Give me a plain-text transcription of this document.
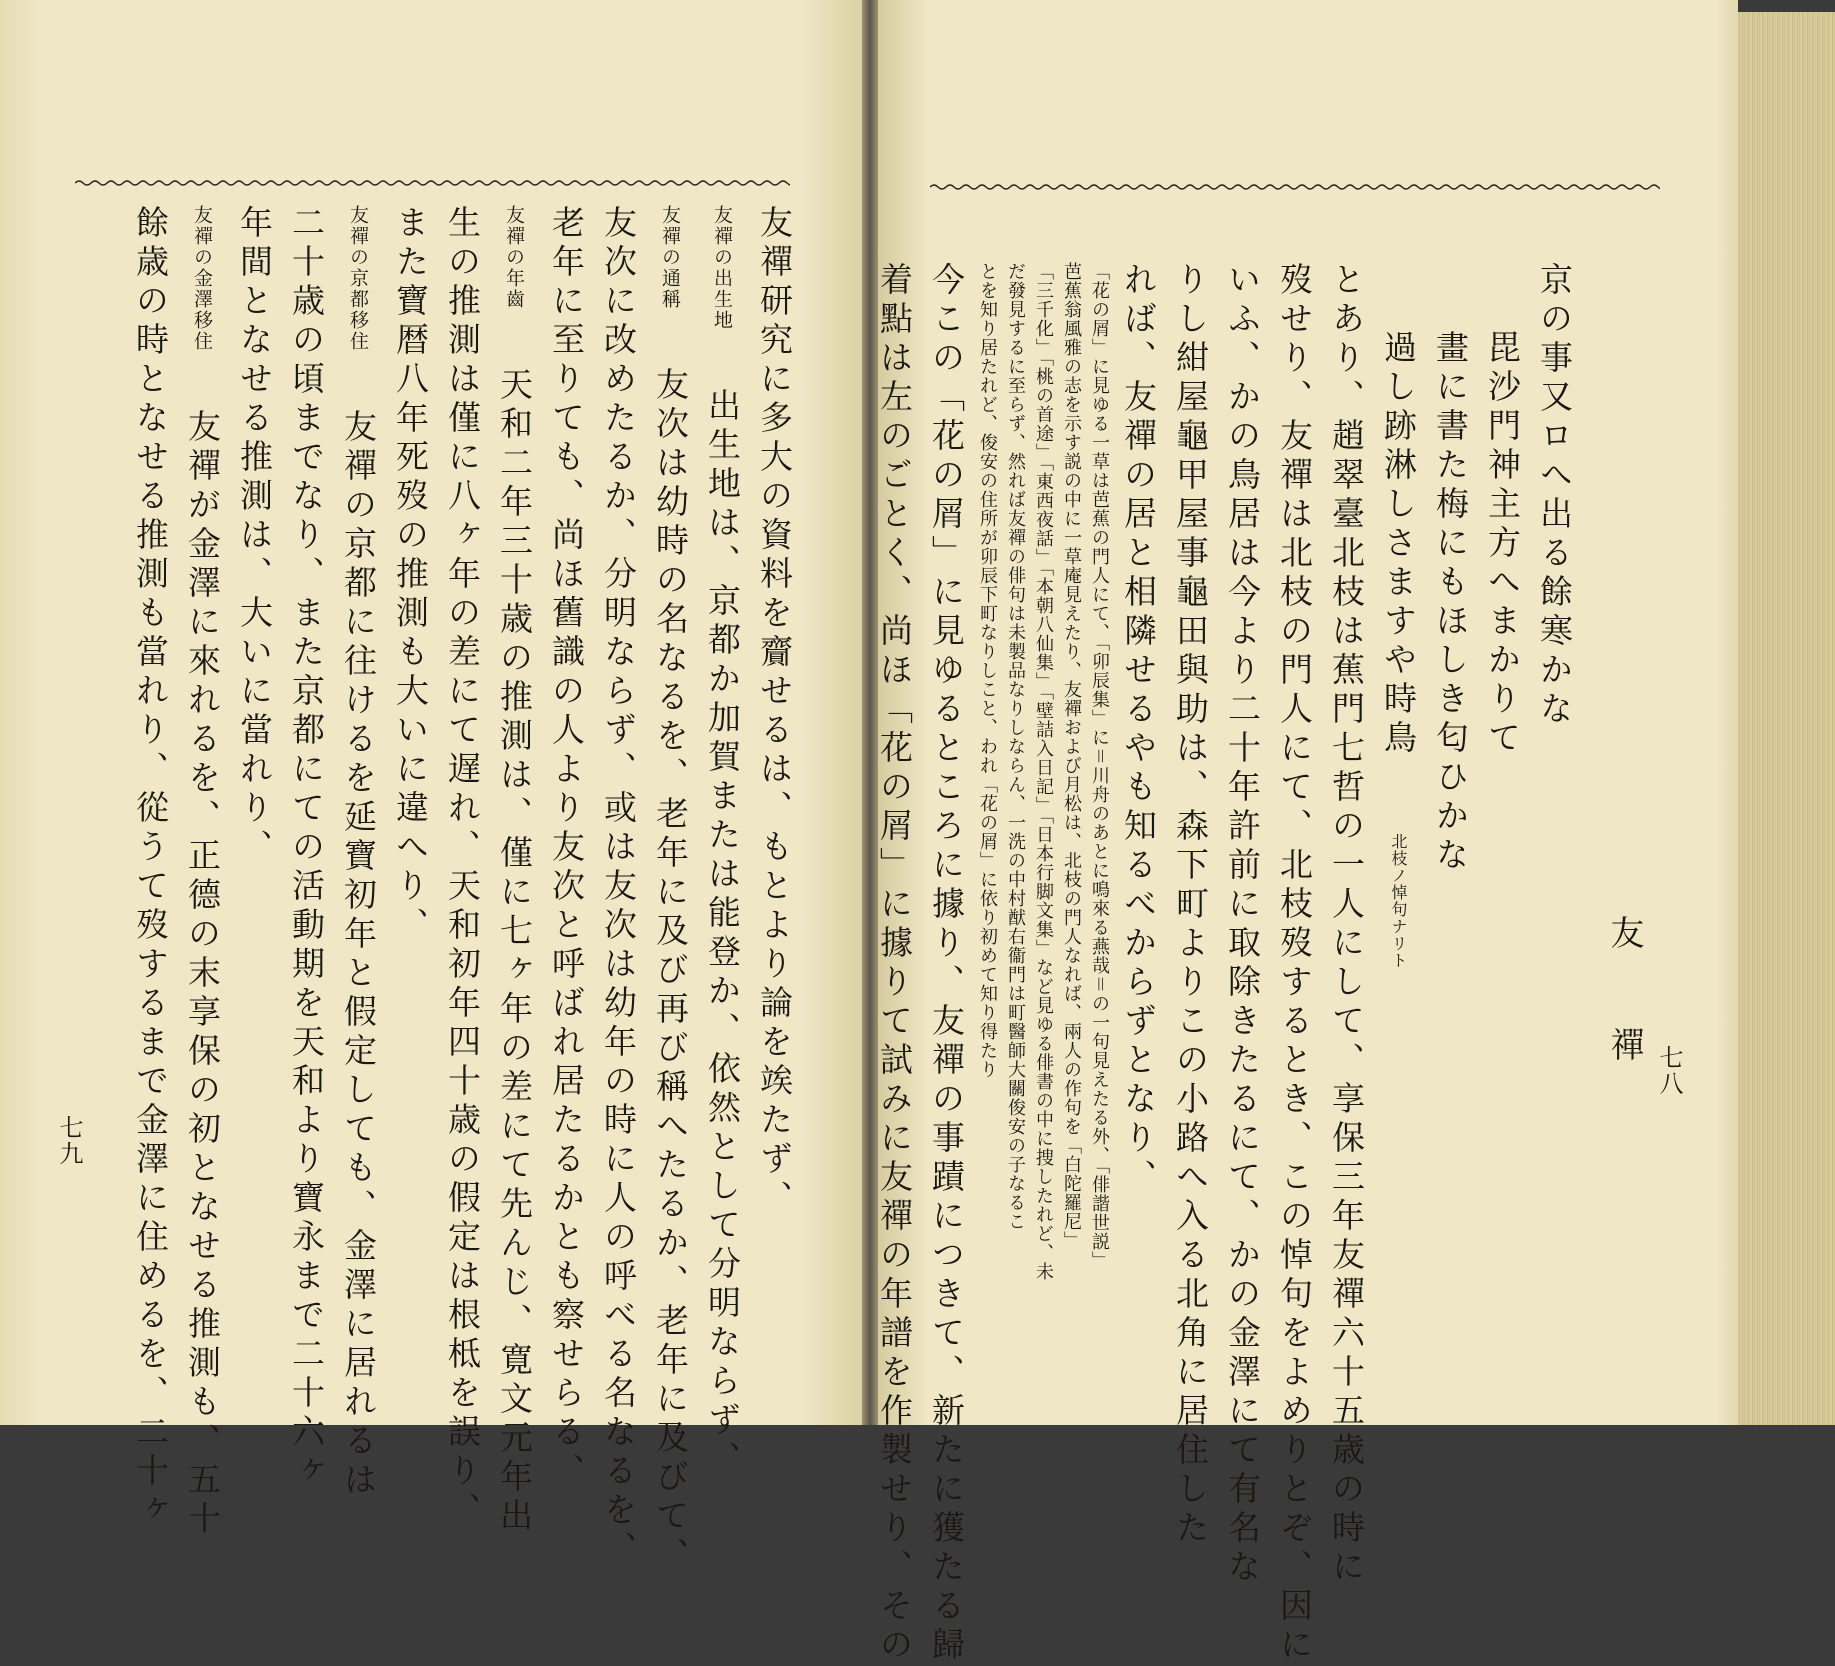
友　禪 七八
京の事又ロへ出る餘寒かな
毘沙門神主方へまかりて
畫に書た梅にもほしき匂ひかな
過し跡淋しさますや時鳥　　北枝ノ悼句ナリト
とあり、趙翠臺北枝は蕉門七哲の一人にして、享保三年友禪六十五歳の時に
歿せり、友禪は北枝の門人にて、北枝歿するとき、この悼句をよめりとぞ、因に
いふ、かの鳥居は今より二十年許前に取除きたるにて、かの金澤にて有名な
りし紺屋龜甲屋事龜田與助は、森下町よりこの小路へ入る北角に居住した
れば、友禪の居と相隣せるやも知るべからずとなり、
「花の屑」に見ゆる一草は芭蕉の門人にて、「卯辰集」に＝川舟のあとに鳴來る燕哉＝の一句見えたる外、「俳諧世説」
芭蕉翁風雅の志を示す説の中に一草庵見えたり、友禪および月松は、北枝の門人なれば、兩人の作句を「白陀羅尼」
「三千化」「桃の首途」「東西夜話」「本朝八仙集」「壁詰入日記」「日本行脚文集」など見ゆる俳書の中に捜したれど、未
だ發見するに至らず、然れば友禪の俳句は未製品なりしならん、一洗の中村猷右衞門は町醫師大關俊安の子なるこ
とを知り居たれど、俊安の住所が卯辰下町なりしこと、われ「花の屑」に依り初めて知り得たり
今この「花の屑」に見ゆるところに據り、友禪の事蹟につきて、新たに獲たる歸
着點は左のごとく、尚ほ「花の屑」に據りて試みに友禪の年譜を作製せり、その
七九	友禪研究に多大の資料を齎せるは、もとより論を竢たず、
友禪の出生地　出生地は、京都か加賀または能登か、依然として分明ならず、
友禪の通稱　友次は幼時の名なるを、老年に及び再び稱へたるか、老年に及びて、
友次に改めたるか、分明ならず、或は友次は幼年の時に人の呼べる名なるを、
老年に至りても、尚ほ舊識の人より友次と呼ばれ居たるかとも察せらる、
友禪の年齒　天和二年三十歳の推測は、僅に七ヶ年の差にて先んじ、寛文元年出
生の推測は僅に八ヶ年の差にて遅れ、天和初年四十歳の假定は根柢を誤り、
また寶暦八年死歿の推測も大いに違へり、
友禪の京都移住　友禪の京都に往けるを延寶初年と假定しても、金澤に居れるは
二十歳の頃までなり、また京都にての活動期を天和より寶永まで二十六ヶ
年間となせる推測は、大いに當れり、
友禪の金澤移住　友禪が金澤に來れるを、正德の末享保の初となせる推測も、五十
餘歳の時となせる推測も當れり、從うて歿するまで金澤に住めるを、二十ヶ
